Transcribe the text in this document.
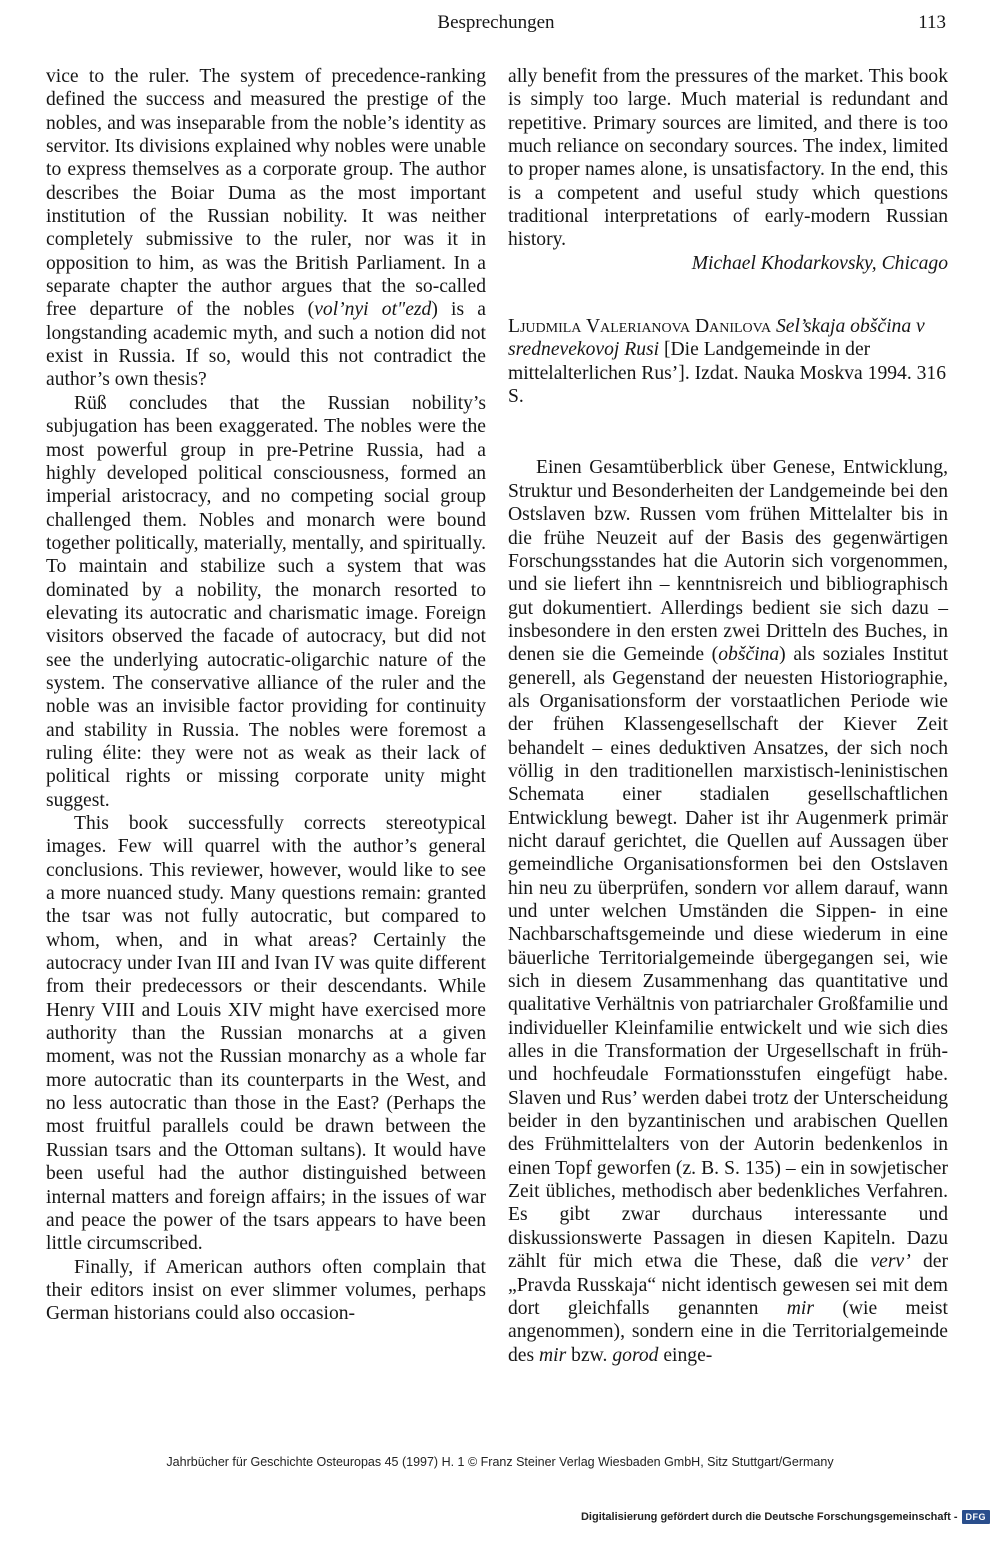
Besprechungen	113

vice to the ruler. The system of precedence-ranking defined the success and measured the prestige of the nobles, and was inseparable from the noble’s identity as servitor. Its divisions explained why nobles were unable to express themselves as a corporate group. The author describes the Boiar Duma as the most important institution of the Russian nobility. It was neither completely submissive to the ruler, nor was it in opposition to him, as was the British Parliament. In a separate chapter the author argues that the so-called free departure of the nobles (vol’nyi ot"ezd) is a longstanding academic myth, and such a notion did not exist in Russia. If so, would this not contradict the author’s own thesis?

Rüß concludes that the Russian nobility’s subjugation has been exaggerated. The nobles were the most powerful group in pre-Petrine Russia, had a highly developed political consciousness, formed an imperial aristocracy, and no competing social group challenged them. Nobles and monarch were bound together politically, materially, mentally, and spiritually. To maintain and stabilize such a system that was dominated by a nobility, the monarch resorted to elevating its autocratic and charismatic image. Foreign visitors observed the facade of autocracy, but did not see the underlying autocratic-oligarchic nature of the system. The conservative alliance of the ruler and the noble was an invisible factor providing for continuity and stability in Russia. The nobles were foremost a ruling élite: they were not as weak as their lack of political rights or missing corporate unity might suggest.

This book successfully corrects stereotypical images. Few will quarrel with the author’s general conclusions. This reviewer, however, would like to see a more nuanced study. Many questions remain: granted the tsar was not fully autocratic, but compared to whom, when, and in what areas? Certainly the autocracy under Ivan III and Ivan IV was quite different from their predecessors or their descendants. While Henry VIII and Louis XIV might have exercised more authority than the Russian monarchs at a given moment, was not the Russian monarchy as a whole far more autocratic than its counterparts in the West, and no less autocratic than those in the East? (Perhaps the most fruitful parallels could be drawn between the Russian tsars and the Ottoman sultans). It would have been useful had the author distinguished between internal matters and foreign affairs; in the issues of war and peace the power of the tsars appears to have been little circumscribed.

Finally, if American authors often complain that their editors insist on ever slimmer volumes, perhaps German historians could also occasion-

ally benefit from the pressures of the market. This book is simply too large. Much material is redundant and repetitive. Primary sources are limited, and there is too much reliance on secondary sources. The index, limited to proper names alone, is unsatisfactory. In the end, this is a competent and useful study which questions traditional interpretations of early-modern Russian history.

Michael Khodarkovsky, Chicago

Ljudmila Valerianova Danilova Sel’skaja obščina v srednevekovoj Rusi [Die Landgemeinde in der mittelalterlichen Rus’]. Izdat. Nauka Moskva 1994. 316 S.

Einen Gesamtüberblick über Genese, Entwicklung, Struktur und Besonderheiten der Landgemeinde bei den Ostslaven bzw. Russen vom frühen Mittelalter bis in die frühe Neuzeit auf der Basis des gegenwärtigen Forschungsstandes hat die Autorin sich vorgenommen, und sie liefert ihn – kenntnisreich und bibliographisch gut dokumentiert. Allerdings bedient sie sich dazu – insbesondere in den ersten zwei Dritteln des Buches, in denen sie die Gemeinde (obščina) als soziales Institut generell, als Gegenstand der neuesten Historiographie, als Organisationsform der vorstaatlichen Periode wie der frühen Klassengesellschaft der Kiever Zeit behandelt – eines deduktiven Ansatzes, der sich noch völlig in den traditionellen marxistisch-leninistischen Schemata einer stadialen gesellschaftlichen Entwicklung bewegt. Daher ist ihr Augenmerk primär nicht darauf gerichtet, die Quellen auf Aussagen über gemeindliche Organisationsformen bei den Ostslaven hin neu zu überprüfen, sondern vor allem darauf, wann und unter welchen Umständen die Sippen- in eine Nachbarschaftsgemeinde und diese wiederum in eine bäuerliche Territorialgemeinde übergegangen sei, wie sich in diesem Zusammenhang das quantitative und qualitative Verhältnis von patriarchaler Großfamilie und individueller Kleinfamilie entwickelt und wie sich dies alles in die Transformation der Urgesellschaft in früh- und hochfeudale Formationsstufen eingefügt habe. Slaven und Rus’ werden dabei trotz der Unterscheidung beider in den byzantinischen und arabischen Quellen des Frühmittelalters von der Autorin bedenkenlos in einen Topf geworfen (z. B. S. 135) – ein in sowjetischer Zeit übliches, methodisch aber bedenkliches Verfahren. Es gibt zwar durchaus interessante und diskussionswerte Passagen in diesen Kapiteln. Dazu zählt für mich etwa die These, daß die verv’ der „Pravda Russkaja“ nicht identisch gewesen sei mit dem dort gleichfalls genannten mir (wie meist angenommen), sondern eine in die Territorialgemeinde des mir bzw. gorod einge-

Jahrbücher für Geschichte Osteuropas 45 (1997) H. 1 © Franz Steiner Verlag Wiesbaden GmbH, Sitz Stuttgart/Germany
Digitalisierung gefördert durch die Deutsche Forschungsgemeinschaft - DFG
